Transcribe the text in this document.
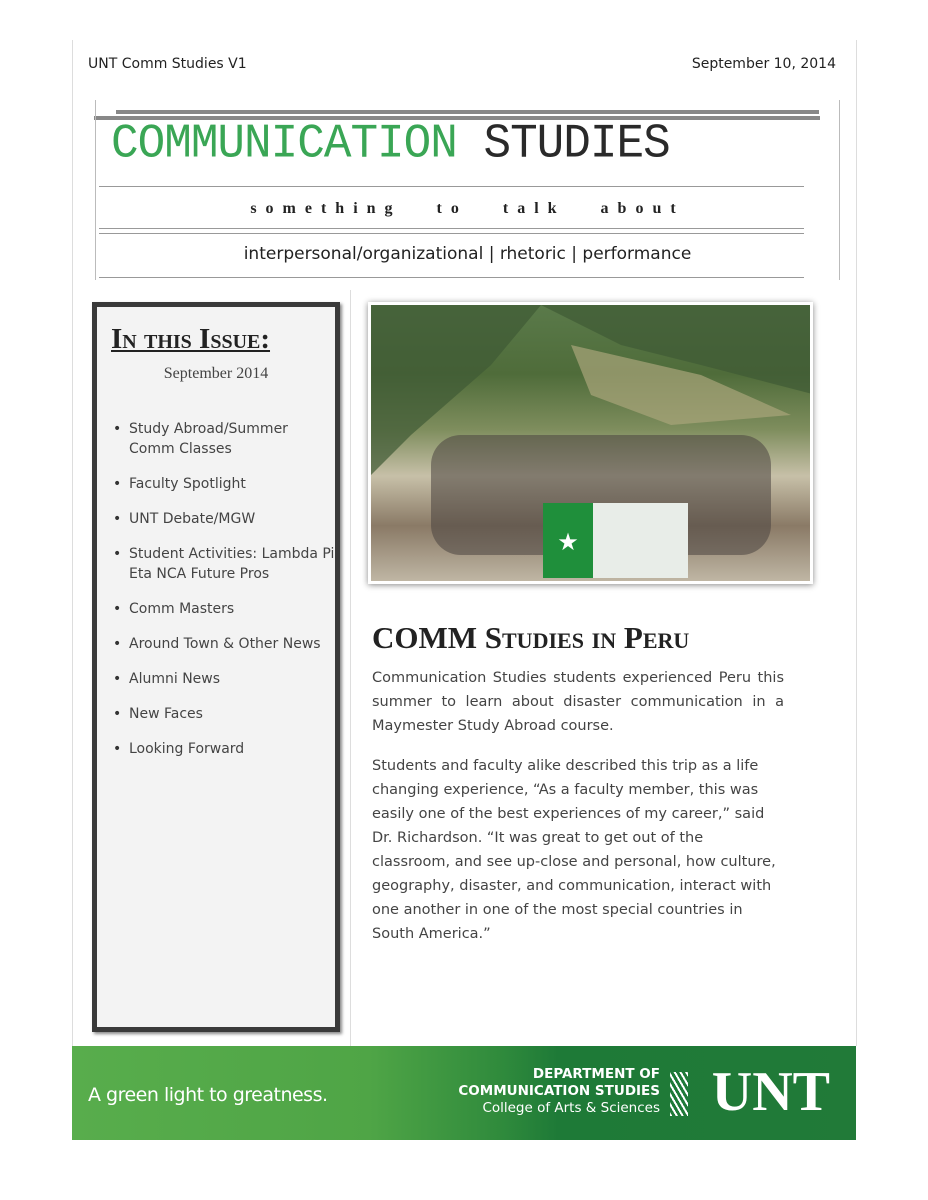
UNT Comm Studies V1	September 10, 2014
COMMUNICATION STUDIES
something to talk about
interpersonal/organizational | rhetoric | performance
In this Issue:
September 2014
• Study Abroad/Summer Comm Classes
• Faculty Spotlight
• UNT Debate/MGW
• Student Activities: Lambda Pi Eta NCA Future Pros
• Comm Masters
• Around Town & Other News
• Alumni News
• New Faces
• Looking Forward
★
COMM Studies in Peru
Communication Studies students experienced Peru this summer to learn about disaster communication in a Maymester Study Abroad course.
Students and faculty alike described this trip as a life changing experience, “As a faculty member, this was easily one of the best experiences of my career,” said Dr. Richardson. “It was great to get out of the classroom, and see up-close and personal, how culture, geography, disaster, and communication, interact with one another in one of the most special countries in South America.”
A green light to greatness.
DEPARTMENT OF
COMMUNICATION STUDIES
College of Arts & Sciences UNT
